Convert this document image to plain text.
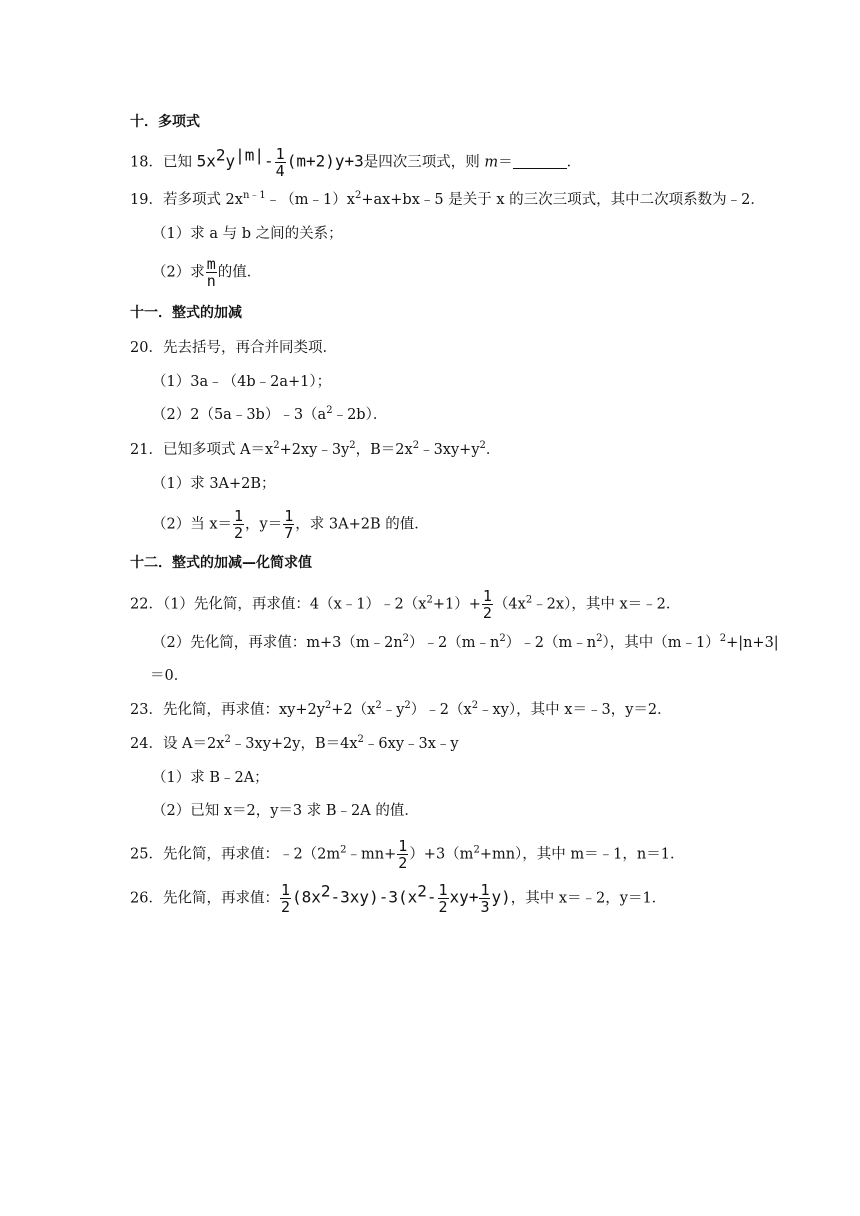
十．多项式
18．已知 $5x^2y^{|m|}- \frac{1}{4} (m+2)y+3$是四次三项式，则 m＝	．
19．若多项式 $2x^{n﹣1}﹣(m﹣1)x^2+ax+bx﹣5$ 是关于 x 的三次三项式，其中二次项系数为﹣2．
（1）求 a 与 b 之间的关系；
（2）求 $\frac{m}{n}$ 的值．
十一．整式的加减
20．先去括号，再合并同类项．
（1）3a﹣（4b﹣2a+1）；
$(2)2(5a﹣3b)﹣3(a^2﹣2b)$．
21．已知多项式 $A=x^2+2xy﹣3y^2$，$B=2x^2﹣3xy+y^2$．
（1）求 3A+2B；
（2）当 $x= \frac{1}{2}$ ，$y= \frac{1}{7}$ ，求 3A+2B 的值．
十二．整式的加减—化简求值
22．（1）先化简，再求值：$4(x﹣1)﹣2(x^2+1)+ \frac{1}{2}$ $(4x^2﹣2x)$，其中 x＝﹣2．
（2）先化简，再求值：$m+3(m﹣2n^2)﹣2(m﹣n^2)﹣2(m﹣n^2)$，其中（m﹣1）$^2$+|n+3|
＝0．
23．先化简，再求值：$xy+2y^2+2(x^2﹣y^2)﹣2(x^2﹣xy)$，其中 x＝﹣3，y＝2．
24．设 $A=2x^2﹣3xy+2y$，$B=4x^2﹣6xy﹣3x﹣y$
（1）求 B﹣2A；
（2）已知 x＝2，y＝3 求 B﹣2A 的值．
25．先化简，再求值：$﹣2(2m^2﹣mn+ \frac{1}{2} )+3(m^2+mn)$，其中 m＝﹣1，n＝1．
26．先化简，再求值： $\frac{1}{2} (8x^2-3xy)-3(x^2- \frac{1}{2} xy+ \frac{1}{3} y)$，其中 x＝﹣2，y＝1．
